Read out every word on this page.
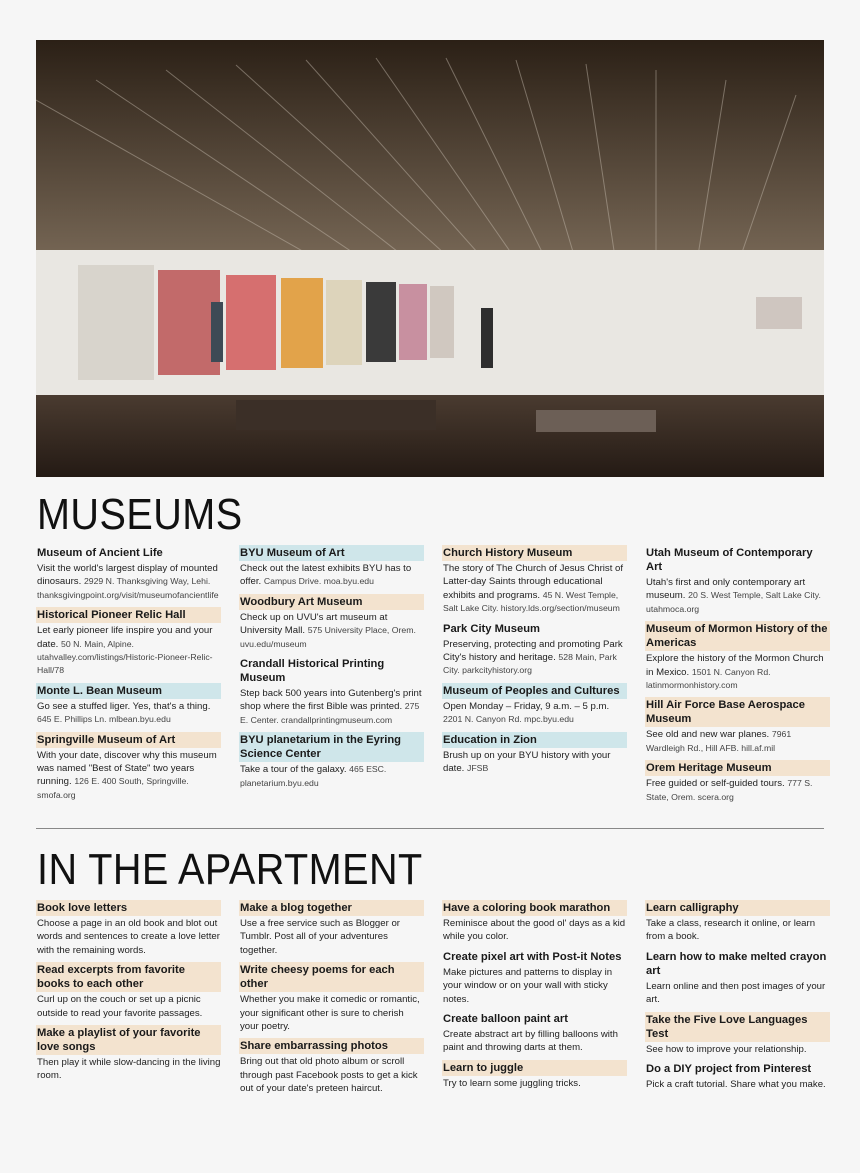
MUSEUMS
Museum of Ancient Life
Visit the world's largest display of mounted dinosaurs. 2929 N. Thanksgiving Way, Lehi. thanksgivingpoint.org/visit/museumofancientlife
Historical Pioneer Relic Hall
Let early pioneer life inspire you and your date. 50 N. Main, Alpine. utahvalley.com/listings/Historic-Pioneer-Relic-Hall/78
Monte L. Bean Museum
Go see a stuffed liger. Yes, that's a thing. 645 E. Phillips Ln. mlbean.byu.edu
Springville Museum of Art
With your date, discover why this museum was named "Best of State" two years running. 126 E. 400 South, Springville. smofa.org
BYU Museum of Art
Check out the latest exhibits BYU has to offer. Campus Drive. moa.byu.edu
Woodbury Art Museum
Check up on UVU's art museum at University Mall. 575 University Place, Orem. uvu.edu/museum
Crandall Historical Printing Museum
Step back 500 years into Gutenberg's print shop where the first Bible was printed. 275 E. Center. crandallprintingmuseum.com
BYU planetarium in the Eyring Science Center
Take a tour of the galaxy. 465 ESC. planetarium.byu.edu
Church History Museum
The story of The Church of Jesus Christ of Latter-day Saints through educational exhibits and programs. 45 N. West Temple, Salt Lake City. history.lds.org/section/museum
Park City Museum
Preserving, protecting and promoting Park City's history and heritage. 528 Main, Park City. parkcityhistory.org
Museum of Peoples and Cultures
Open Monday – Friday, 9 a.m. – 5 p.m. 2201 N. Canyon Rd. mpc.byu.edu
Education in Zion
Brush up on your BYU history with your date. JFSB
Utah Museum of Contemporary Art
Utah's first and only contemporary art museum. 20 S. West Temple, Salt Lake City. utahmoca.org
Museum of Mormon History of the Americas
Explore the history of the Mormon Church in Mexico. 1501 N. Canyon Rd. latinmormonhistory.com
Hill Air Force Base Aerospace Museum
See old and new war planes. 7961 Wardleigh Rd., Hill AFB. hill.af.mil
Orem Heritage Museum
Free guided or self-guided tours. 777 S. State, Orem. scera.org
IN THE APARTMENT
Book love letters
Choose a page in an old book and blot out words and sentences to create a love letter with the remaining words.
Read excerpts from favorite books to each other
Curl up on the couch or set up a picnic outside to read your favorite passages.
Make a playlist of your favorite love songs
Then play it while slow-dancing in the living room.
Make a blog together
Use a free service such as Blogger or Tumblr. Post all of your adventures together.
Write cheesy poems for each other
Whether you make it comedic or romantic, your significant other is sure to cherish your poetry.
Share embarrassing photos
Bring out that old photo album or scroll through past Facebook posts to get a kick out of your date's preteen haircut.
Have a coloring book marathon
Reminisce about the good ol' days as a kid while you color.
Create pixel art with Post-it Notes
Make pictures and patterns to display in your window or on your wall with sticky notes.
Create balloon paint art
Create abstract art by filling balloons with paint and throwing darts at them.
Learn to juggle
Try to learn some juggling tricks.
Learn calligraphy
Take a class, research it online, or learn from a book.
Learn how to make melted crayon art
Learn online and then post images of your art.
Take the Five Love Languages Test
See how to improve your relationship.
Do a DIY project from Pinterest
Pick a craft tutorial. Share what you make.
